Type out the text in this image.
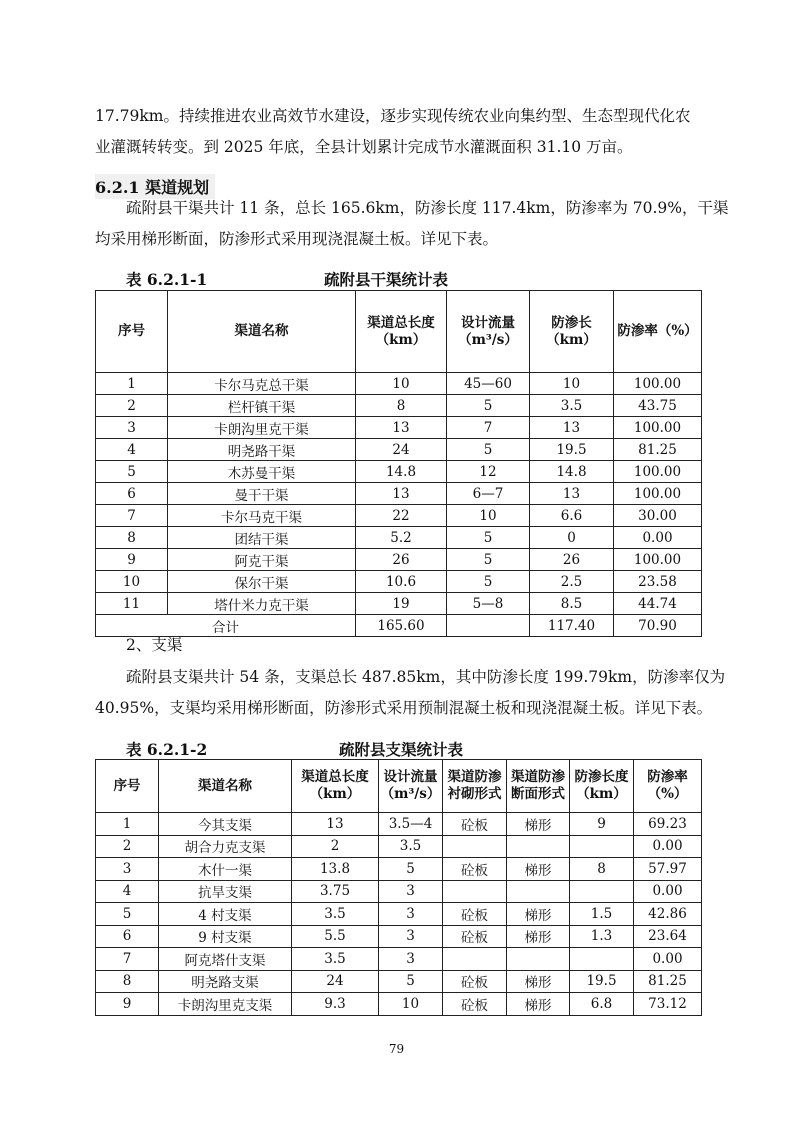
17.79km。持续推进农业高效节水建设，逐步实现传统农业向集约型、生态型现代化农
业灌溉转转变。到 2025 年底，全县计划累计完成节水灌溉面积 31.10 万亩。
6.2.1 渠道规划
疏附县干渠共计 11 条，总长 165.6km，防渗长度 117.4km，防渗率为 70.9%，干渠
均采用梯形断面，防渗形式采用现浇混凝土板。详见下表。
表 6.2.1-1	疏附县干渠统计表
序号	渠道名称	渠道总长度（km）	设计流量（m³/s）	防渗长（km）	防渗率（%）
1	卡尔马克总干渠	10	45—60	10	100.00
2	栏杆镇干渠	8	5	3.5	43.75
3	卡朗沟里克干渠	13	7	13	100.00
4	明尧路干渠	24	5	19.5	81.25
5	木苏曼干渠	14.8	12	14.8	100.00
6	曼干干渠	13	6—7	13	100.00
7	卡尔马克干渠	22	10	6.6	30.00
8	团结干渠	5.2	5	0	0.00
9	阿克干渠	26	5	26	100.00
10	保尔干渠	10.6	5	2.5	23.58
11	塔什米力克干渠	19	5—8	8.5	44.74
合计		165.60		117.40	70.90
2、支渠
疏附县支渠共计 54 条，支渠总长 487.85km，其中防渗长度 199.79km，防渗率仅为
40.95%，支渠均采用梯形断面，防渗形式采用预制混凝土板和现浇混凝土板。详见下表。
表 6.2.1-2	疏附县支渠统计表
序号	渠道名称	渠道总长度（km）	设计流量（m³/s）	渠道防渗衬砌形式	渠道防渗断面形式	防渗长度（km）	防渗率（%）
1	今其支渠	13	3.5—4	砼板	梯形	9	69.23
2	胡合力克支渠	2	3.5				0.00
3	木什一渠	13.8	5	砼板	梯形	8	57.97
4	抗旱支渠	3.75	3				0.00
5	4 村支渠	3.5	3	砼板	梯形	1.5	42.86
6	9 村支渠	5.5	3	砼板	梯形	1.3	23.64
7	阿克塔什支渠	3.5	3				0.00
8	明尧路支渠	24	5	砼板	梯形	19.5	81.25
9	卡朗沟里克支渠	9.3	10	砼板	梯形	6.8	73.12
79
